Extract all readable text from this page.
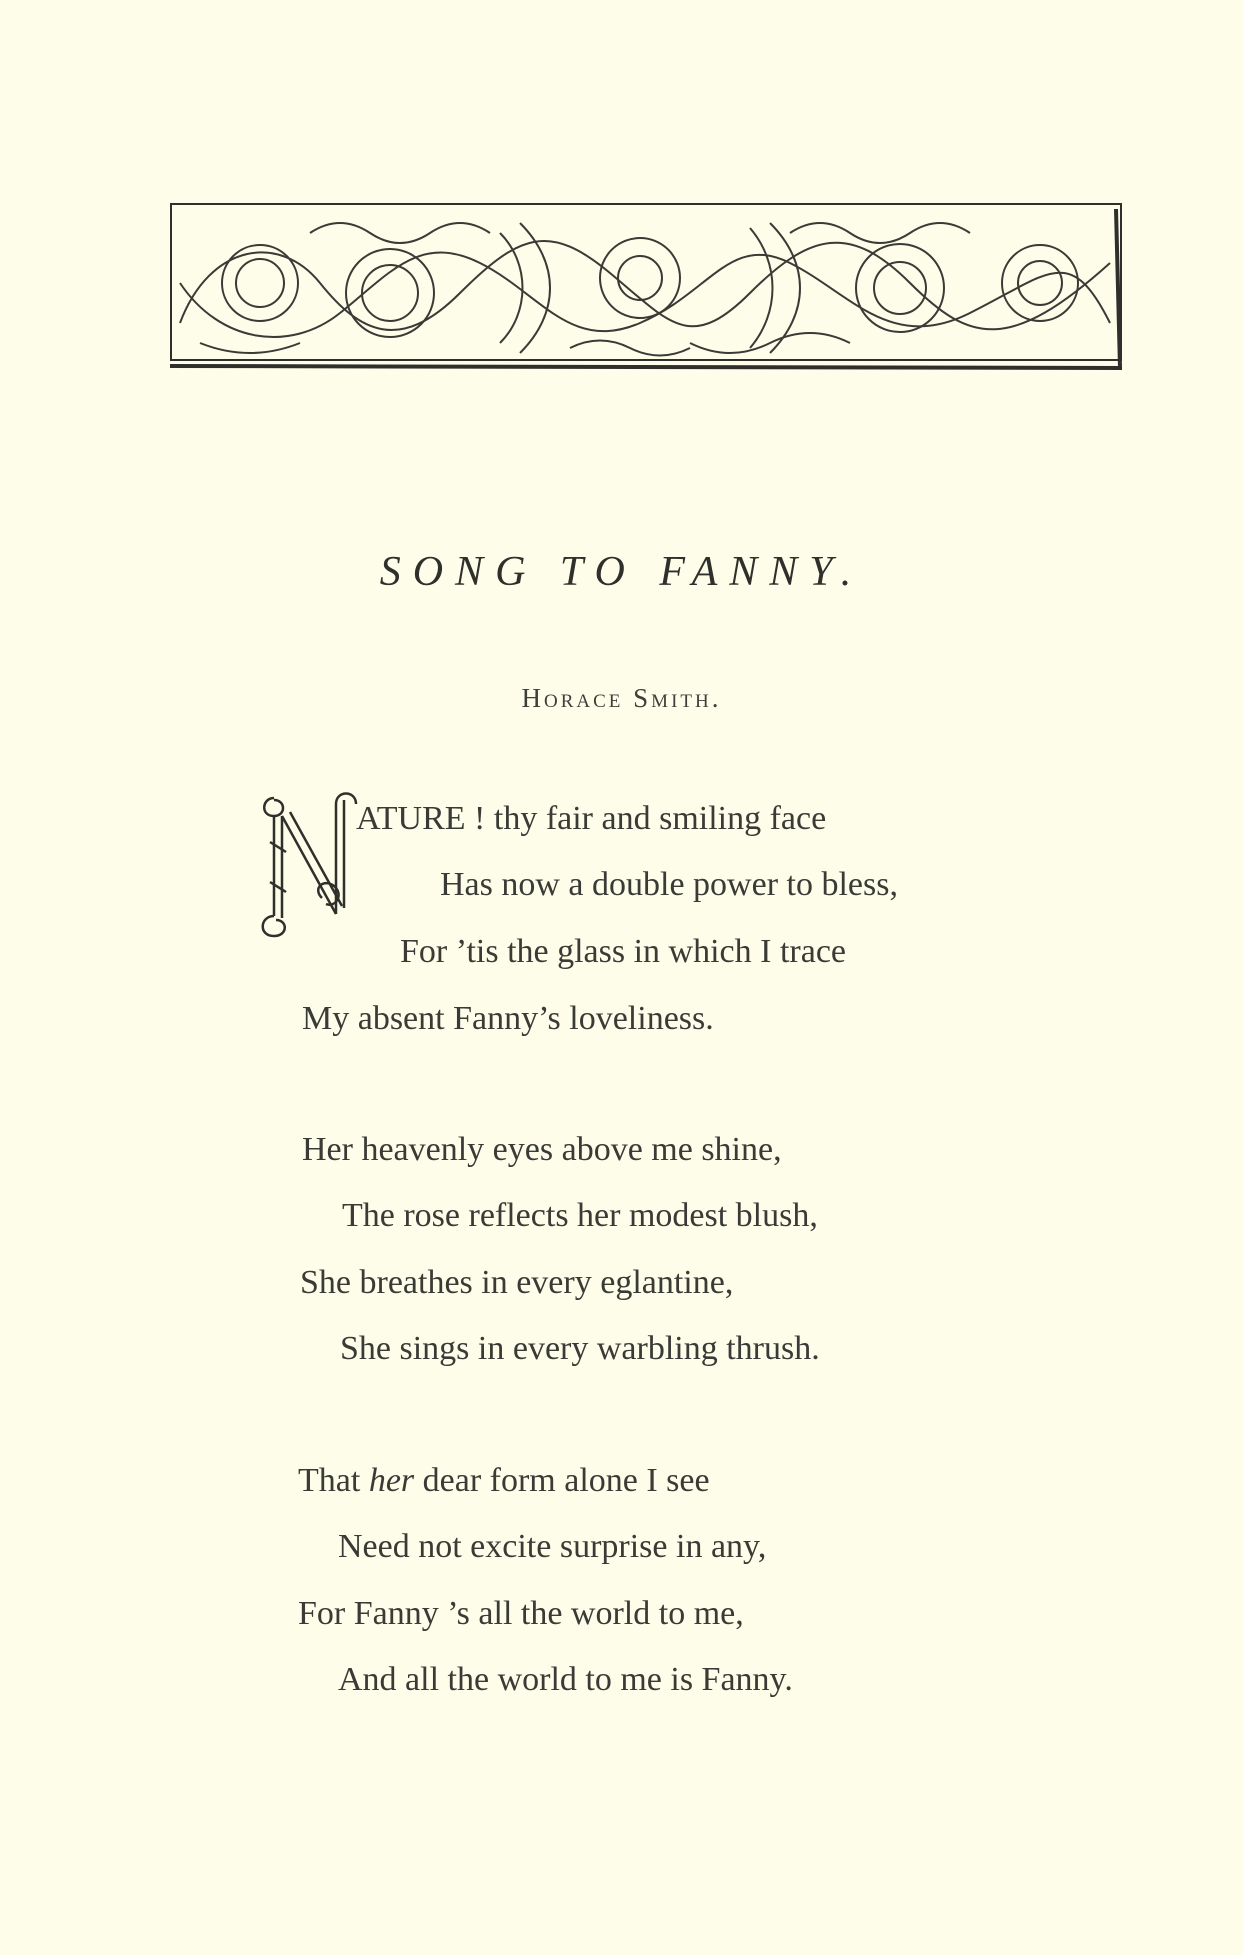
SONG TO FANNY.
Horace Smith.
ATURE ! thy fair and smiling face
Has now a double power to bless,
For ’tis the glass in which I trace
My absent Fanny’s loveliness.
Her heavenly eyes above me shine,
The rose reflects her modest blush,
She breathes in every eglantine,
She sings in every warbling thrush.
That her dear form alone I see
Need not excite surprise in any,
For Fanny ’s all the world to me,
And all the world to me is Fanny.
